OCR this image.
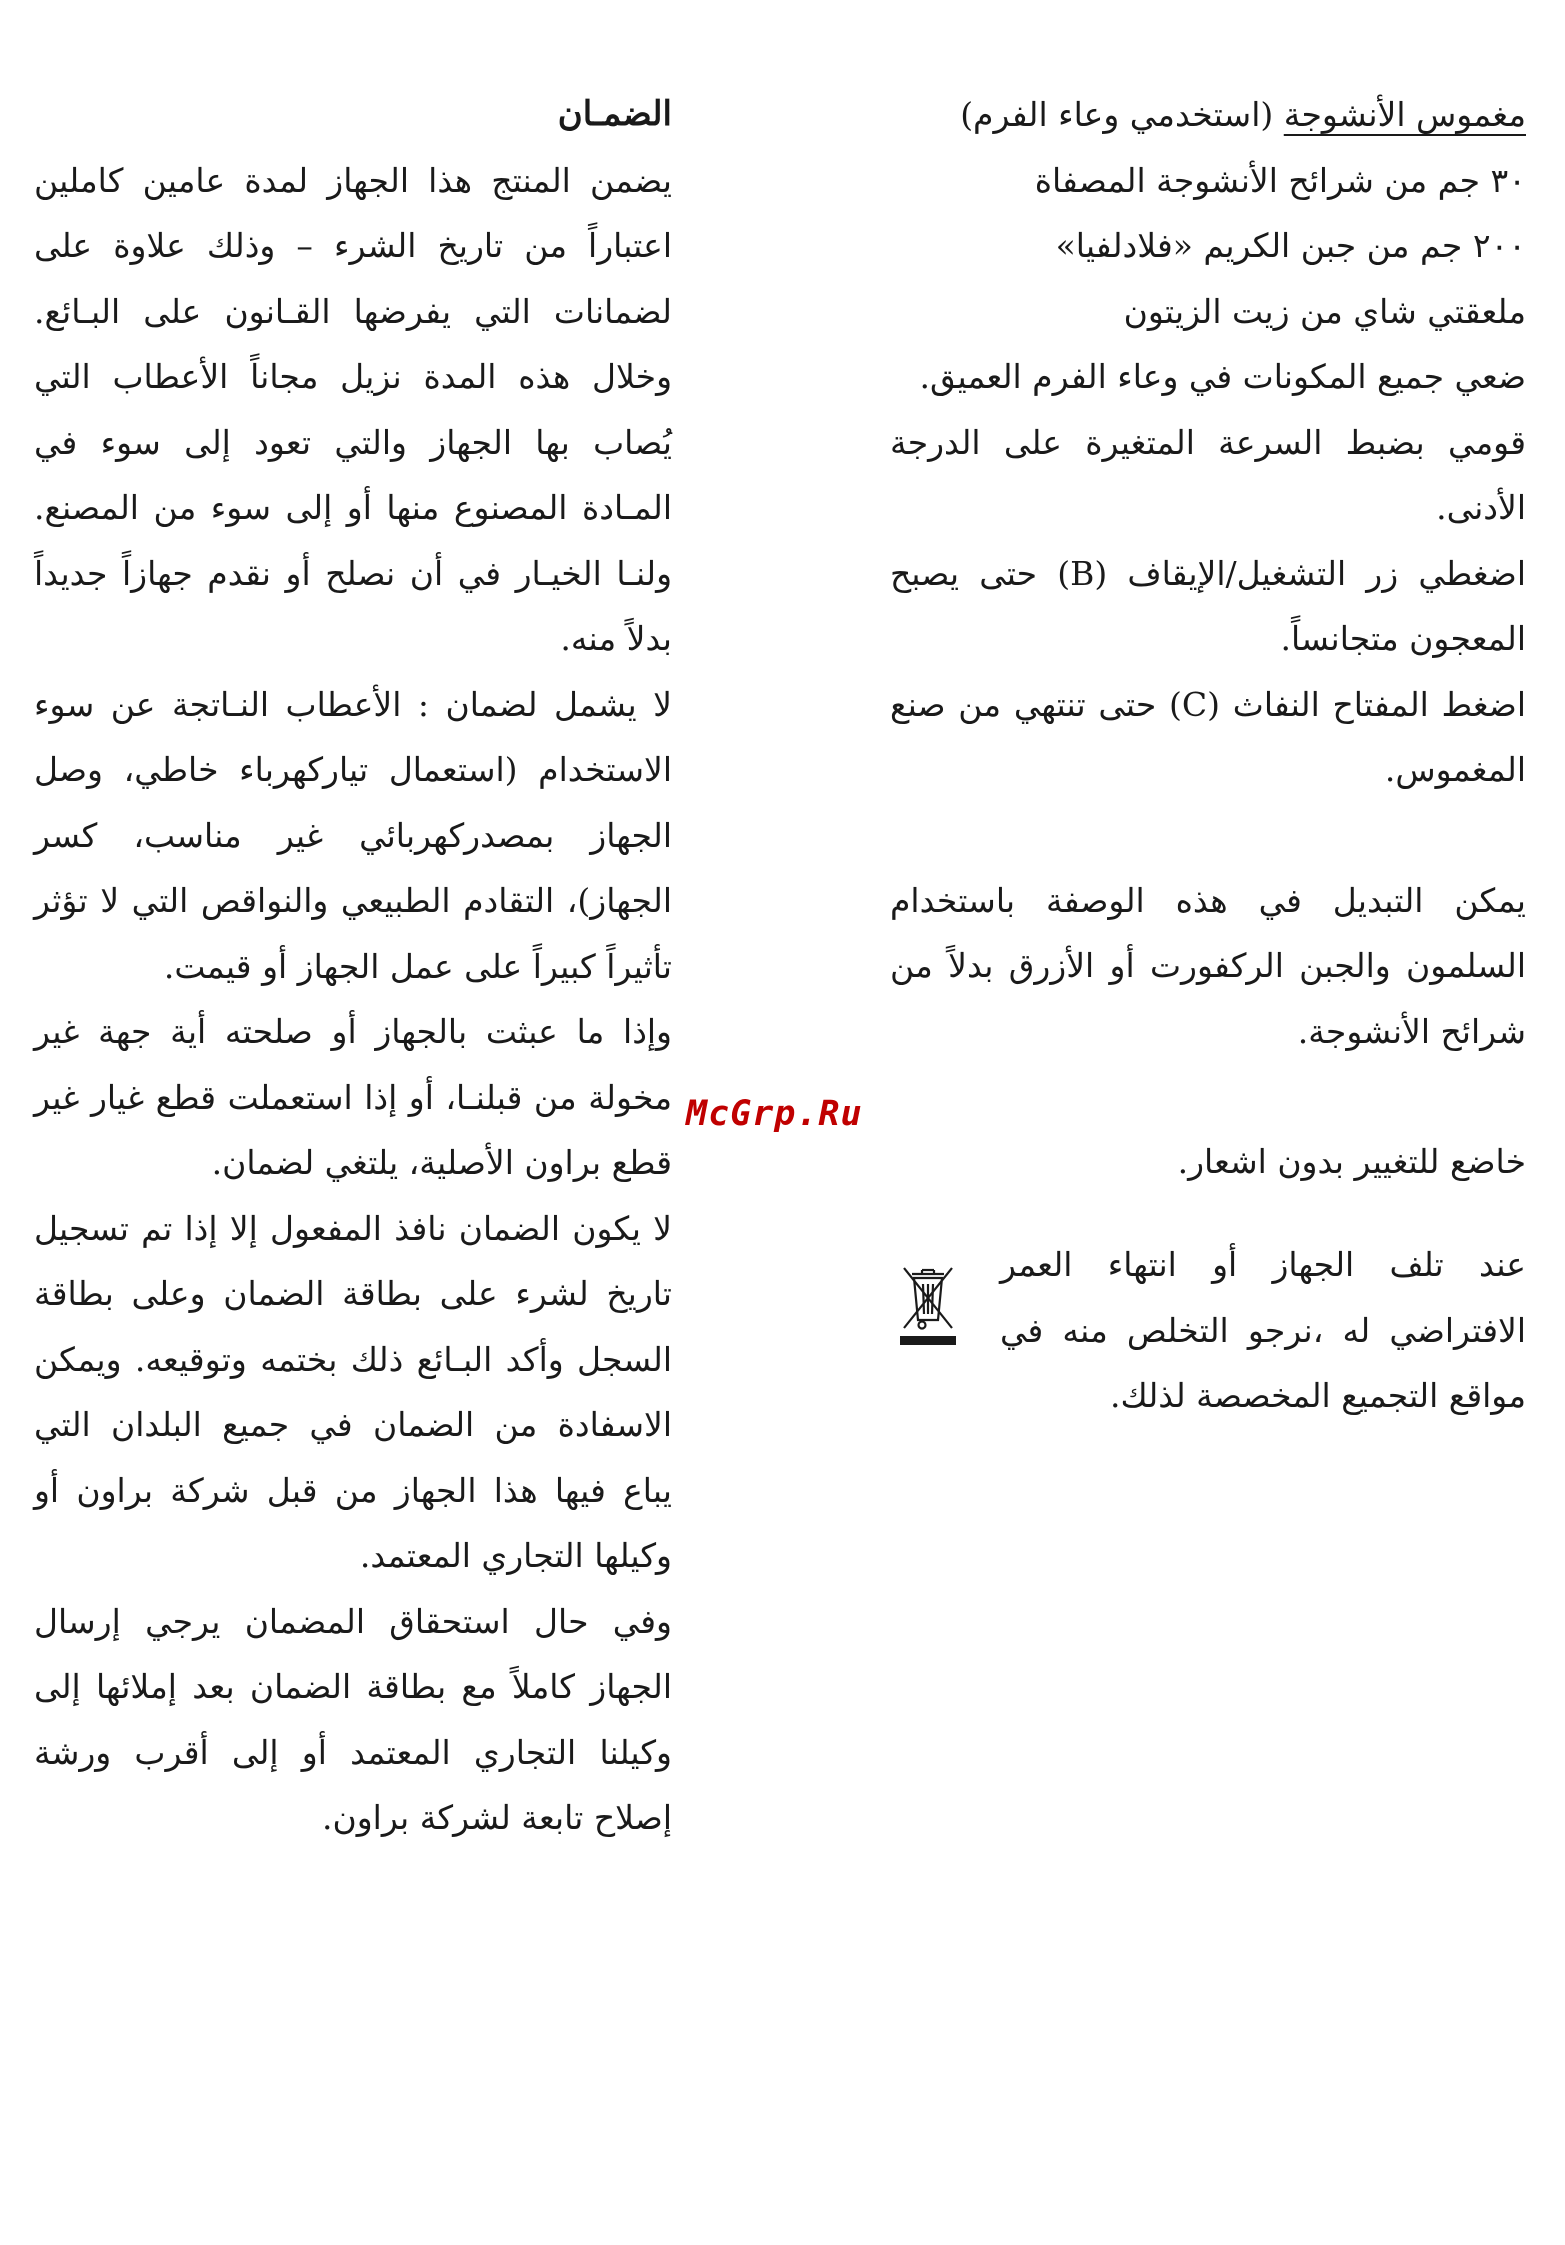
الضمـان

يضمن المنتج هذا الجهاز لمدة عامين كاملين اعتباراً من تاريخ الشرء – وذلك علاوة على لضمانات التي يفرضها القـانون على البـائع. وخلال هذه المدة نزيل مجاناً الأعطاب التي يُصاب بها الجهاز والتي تعود إلى سوء في المـادة المصنوع منها أو إلى سوء من المصنع. ولنـا الخيـار في أن نصلح أو نقدم جهازاً جديداً بدلاً منه.

لا يشمل لضمان : الأعطاب النـاتجة عن سوء الاستخدام (استعمال تياركهرباء خاطي، وصل الجهاز بمصدركهربائي غير مناسب، كسر الجهاز)، التقادم الطبيعي والنواقص التي لا تؤثر تأثيراً كبيراً على عمل الجهاز أو قيمت.

وإذا ما عبثت بالجهاز أو صلحته أية جهة غير مخولة من قبلنـا، أو إذا استعملت قطع غيار غير قطع براون الأصلية، يلتغي لضمان.

لا يكون الضمان نافذ المفعول إلا إذا تم تسجيل تاريخ لشرء على بطاقة الضمان وعلى بطاقة السجل وأكد البـائع ذلك بختمه وتوقيعه. ويمكن الاسفادة من الضمان في جميع البلدان التي يباع فيها هذا الجهاز من قبل شركة براون أو وكيلها التجاري المعتمد.

وفي حال استحقاق المضمان يرجي إرسال الجهاز كاملاً مع بطاقة الضمان بعد إملائها إلى وكيلنا التجاري المعتمد أو إلى أقرب ورشة إصلاح تابعة لشركة براون.

مغموس الأنشوجة (استخدمي وعاء الفرم)

٣٠ جم من شرائح الأنشوجة المصفاة

٢٠٠ جم من جبن الكريم «فلادلفيا»

ملعقتي شاي من زيت الزيتون

ضعي جميع المكونات في وعاء الفرم العميق.

قومي بضبط السرعة المتغيرة على الدرجة الأدنى.

اضغطي زر التشغيل/الإيقاف (B) حتى يصبح المعجون متجانساً.

اضغط المفتاح النفاث (C) حتى تنتهي من صنع المغموس.

يمكن التبديل في هذه الوصفة باستخدام السلمون والجبن الركفورت أو الأزرق بدلاً من شرائح الأنشوجة.

خاضع للتغيير بدون اشعار.

عند تلف الجهاز أو انتهاء العمر الافتراضي له ،نرجو التخلص منه في مواقع التجميع المخصصة لذلك.

McGrp.Ru
